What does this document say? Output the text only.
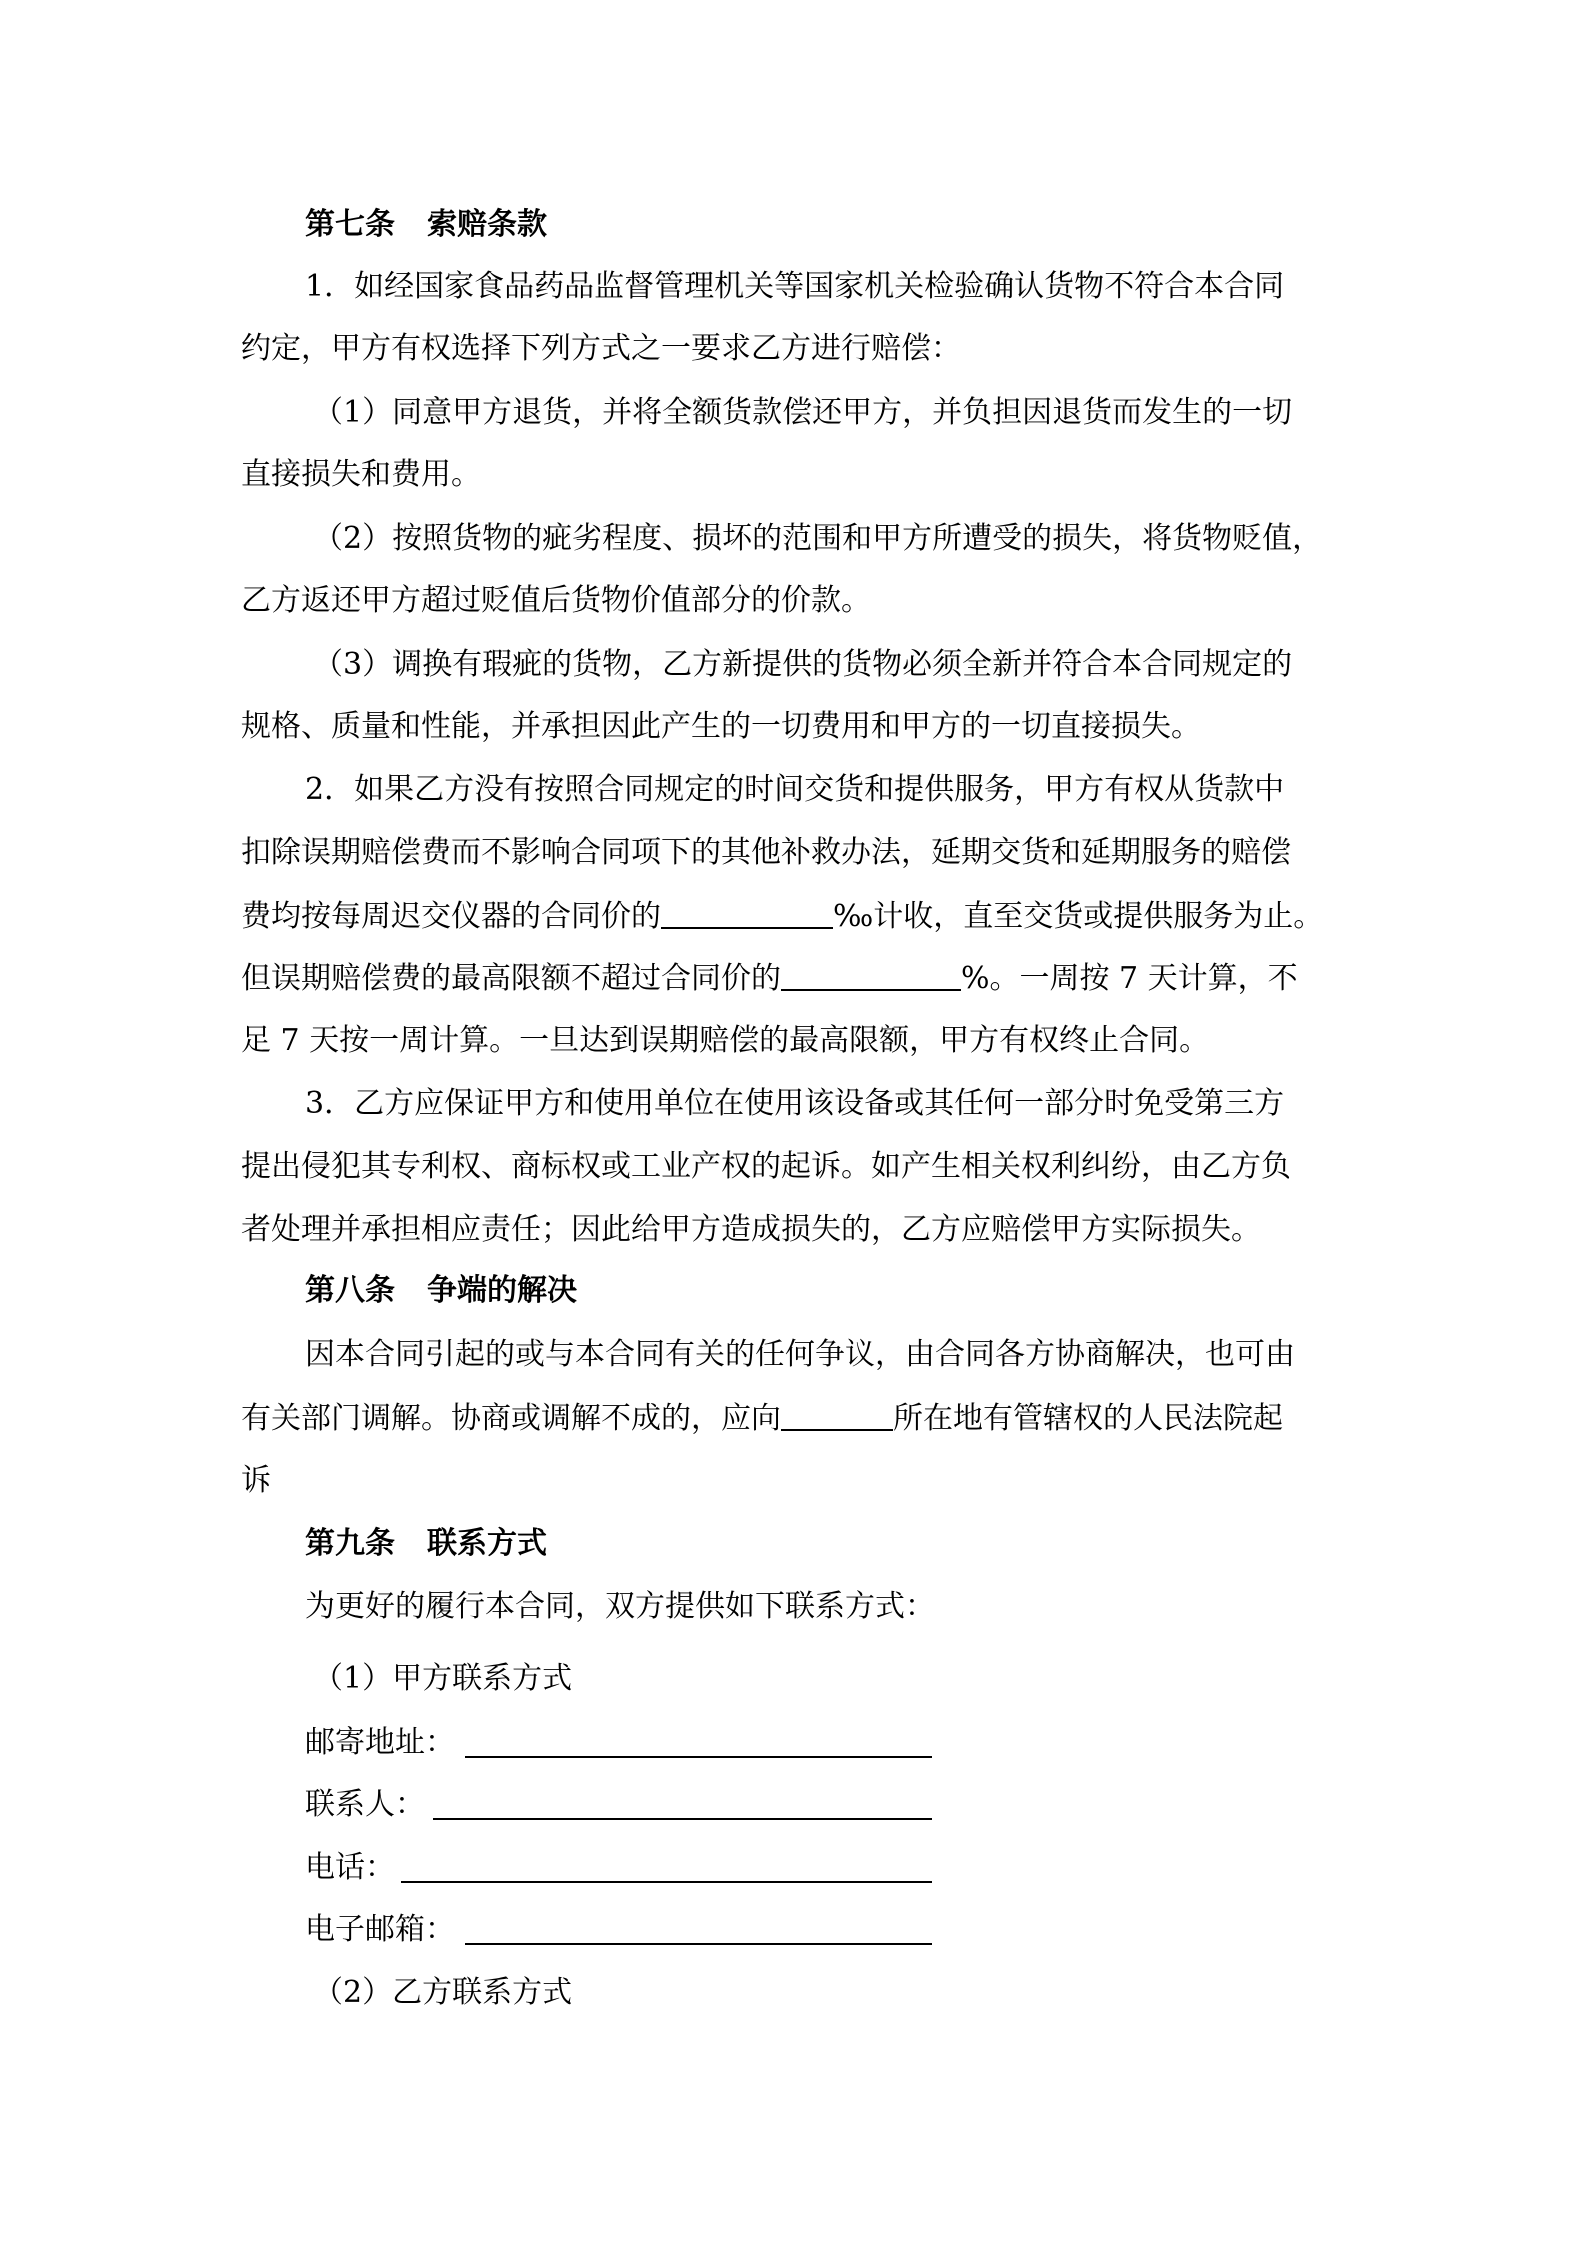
第七条 索赔条款
1．如经国家食品药品监督管理机关等国家机关检验确认货物不符合本合同
约定，甲方有权选择下列方式之一要求乙方进行赔偿：
（1）同意甲方退货，并将全额货款偿还甲方，并负担因退货而发生的一切
直接损失和费用。
（2）按照货物的疵劣程度、损坏的范围和甲方所遭受的损失，将货物贬值，
乙方返还甲方超过贬值后货物价值部分的价款。
（3）调换有瑕疵的货物，乙方新提供的货物必须全新并符合本合同规定的
规格、质量和性能，并承担因此产生的一切费用和甲方的一切直接损失。
2．如果乙方没有按照合同规定的时间交货和提供服务，甲方有权从货款中
扣除误期赔偿费而不影响合同项下的其他补救办法，延期交货和延期服务的赔偿
费均按每周迟交仪器的合同价的	‰计收，直至交货或提供服务为止。
但误期赔偿费的最高限额不超过合同价的	%。一周按 7 天计算，不
足 7 天按一周计算。一旦达到误期赔偿的最高限额，甲方有权终止合同。
3．乙方应保证甲方和使用单位在使用该设备或其任何一部分时免受第三方
提出侵犯其专利权、商标权或工业产权的起诉。如产生相关权利纠纷，由乙方负
者处理并承担相应责任；因此给甲方造成损失的，乙方应赔偿甲方实际损失。
第八条 争端的解决
因本合同引起的或与本合同有关的任何争议，由合同各方协商解决，也可由
有关部门调解。协商或调解不成的，应向	所在地有管辖权的人民法院起
诉
第九条 联系方式
为更好的履行本合同，双方提供如下联系方式：
（1）甲方联系方式
邮寄地址：
联系人：
电话：
电子邮箱：
（2）乙方联系方式
